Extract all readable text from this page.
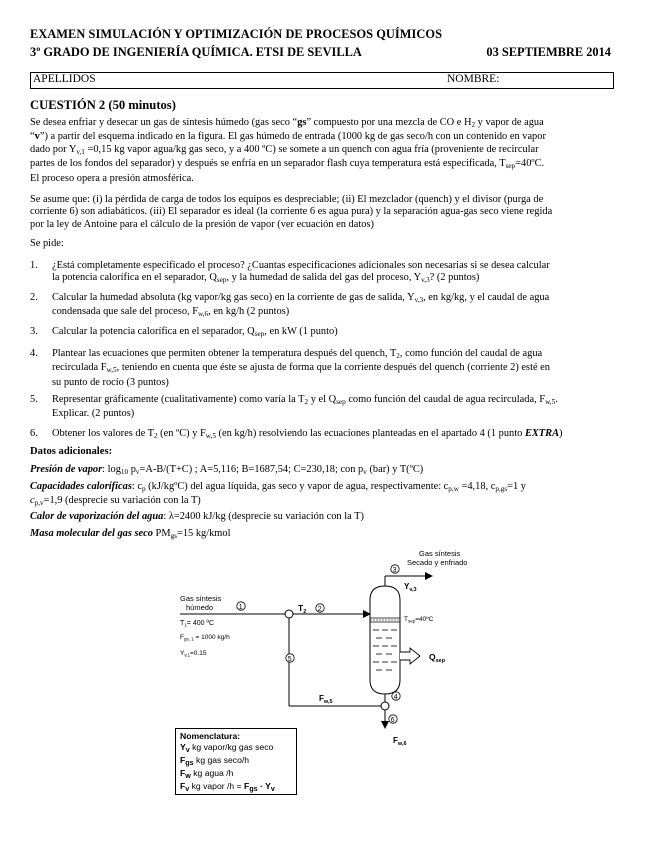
EXAMEN SIMULACIÓN Y OPTIMIZACIÓN DE PROCESOS QUÍMICOS
3º GRADO DE INGENIERÍA QUÍMICA. ETSI DE SEVILLA	03 SEPTIEMBRE 2014
APELLIDOS	NOMBRE:
CUESTIÓN 2 (50 minutos)
Se desea enfriar y desecar un gas de síntesis húmedo (gas seco “gs” compuesto por una mezcla de CO e $H_2$ y vapor de agua
“v”) a partir del esquema indicado en la figura. El gas húmedo de entrada (1000 kg de gas seco/h con un contenido en vapor
dado por $Y_{v,1} =0,15$ kg vapor agua/kg gas seco, y a 400 ºC) se somete a un quench con agua fría (proveniente de recircular
partes de los fondos del separador) y después se enfría en un separador flash cuya temperatura está especificada, $T_{sep}=40ºC$.
El proceso opera a presión atmosférica.
Se asume que: (i) la pérdida de carga de todos los equipos es despreciable; (ii) El mezclador (quench) y el divisor (purga de
corriente 6) son adiabáticos. (iii) El separador es ideal (la corriente 6 es agua pura) y la separación agua-gas seco viene regida
por la ley de Antoine para el cálculo de la presión de vapor (ver ecuación en datos)
Se pide:
1. ¿Está completamente especificado el proceso? ¿Cuantas especificaciones adicionales son necesarias si se desea calcular
la potencia calorífica en el separador, $Q_{sep}$, y la humedad de salida del gas del proceso, $Y_{v,3}$? (2 puntos)
2. Calcular la humedad absoluta (kg vapor/kg gas seco) en la corriente de gas de salida, $Y_{v,3}$, en kg/kg, y el caudal de agua
condensada que sale del proceso, $F_{w,6}$, en kg/h (2 puntos)
3. Calcular la potencia calorífica en el separador, $Q_{sep}$, en kW (1 punto)
4. Plantear las ecuaciones que permiten obtener la temperatura después del quench, $T_2$, como función del caudal de agua
recirculada $F_{w,5}$, teniendo en cuenta que éste se ajusta de forma que la corriente después del quench (corriente 2) esté en
su punto de rocío (3 puntos)
5. Representar gráficamente (cualitativamente) como varía la $T_2$ y el $Q_{sep}$ como función del caudal de agua recirculada, $F_{w,5}$.
Explicar. (2 puntos)
6. Obtener los valores de $T_2$ (en ºC) y $F_{w,5}$ (en kg/h) resolviendo las ecuaciones planteadas en el apartado 4 (1 punto EXTRA)
Datos adicionales:
Presión de vapor: $\log_{10} p_v=A-B/(T+C)$ ; A=5,116; B=1687,54; C=230,18; con $p_v$ (bar) y T(ºC)
Capacidades caloríficas: $c_p$ (kJ/kgºC) del agua líquida, gas seco y vapor de agua, respectivamente: $c_{p,w} =4,18$, $c_{p,gs}=1$ y
$c_{p,v}=1,9$ (desprecie su variación con la T)
Calor de vaporización del agua: λ=2400 kJ/kg (desprecie su variación con la T)
Masa molecular del gas seco $PM_{gs}=15$ kg/kmol
Gas síntesis
Secado y enfriado
3
$Y_{v,3}$
$T_{sep}=40ºC$
$Q_{sep}$
Gas síntesis
húmedo	1	$T_2$ 2
$T_1= 400$ ºC
$F_{gs, 1} = 1000$ kg/h
$Y_{v,1}=0.15$
4
5
$F_{w,5}$
6
$F_{w,6}$
Nomenclatura:
$Y_v$ kg vapor/kg gas seco
$F_{gs}$ kg gas seco/h
$F_w$ kg agua /h
$F_v$ kg vapor $/h = F_{gs} \cdot Y_v$
